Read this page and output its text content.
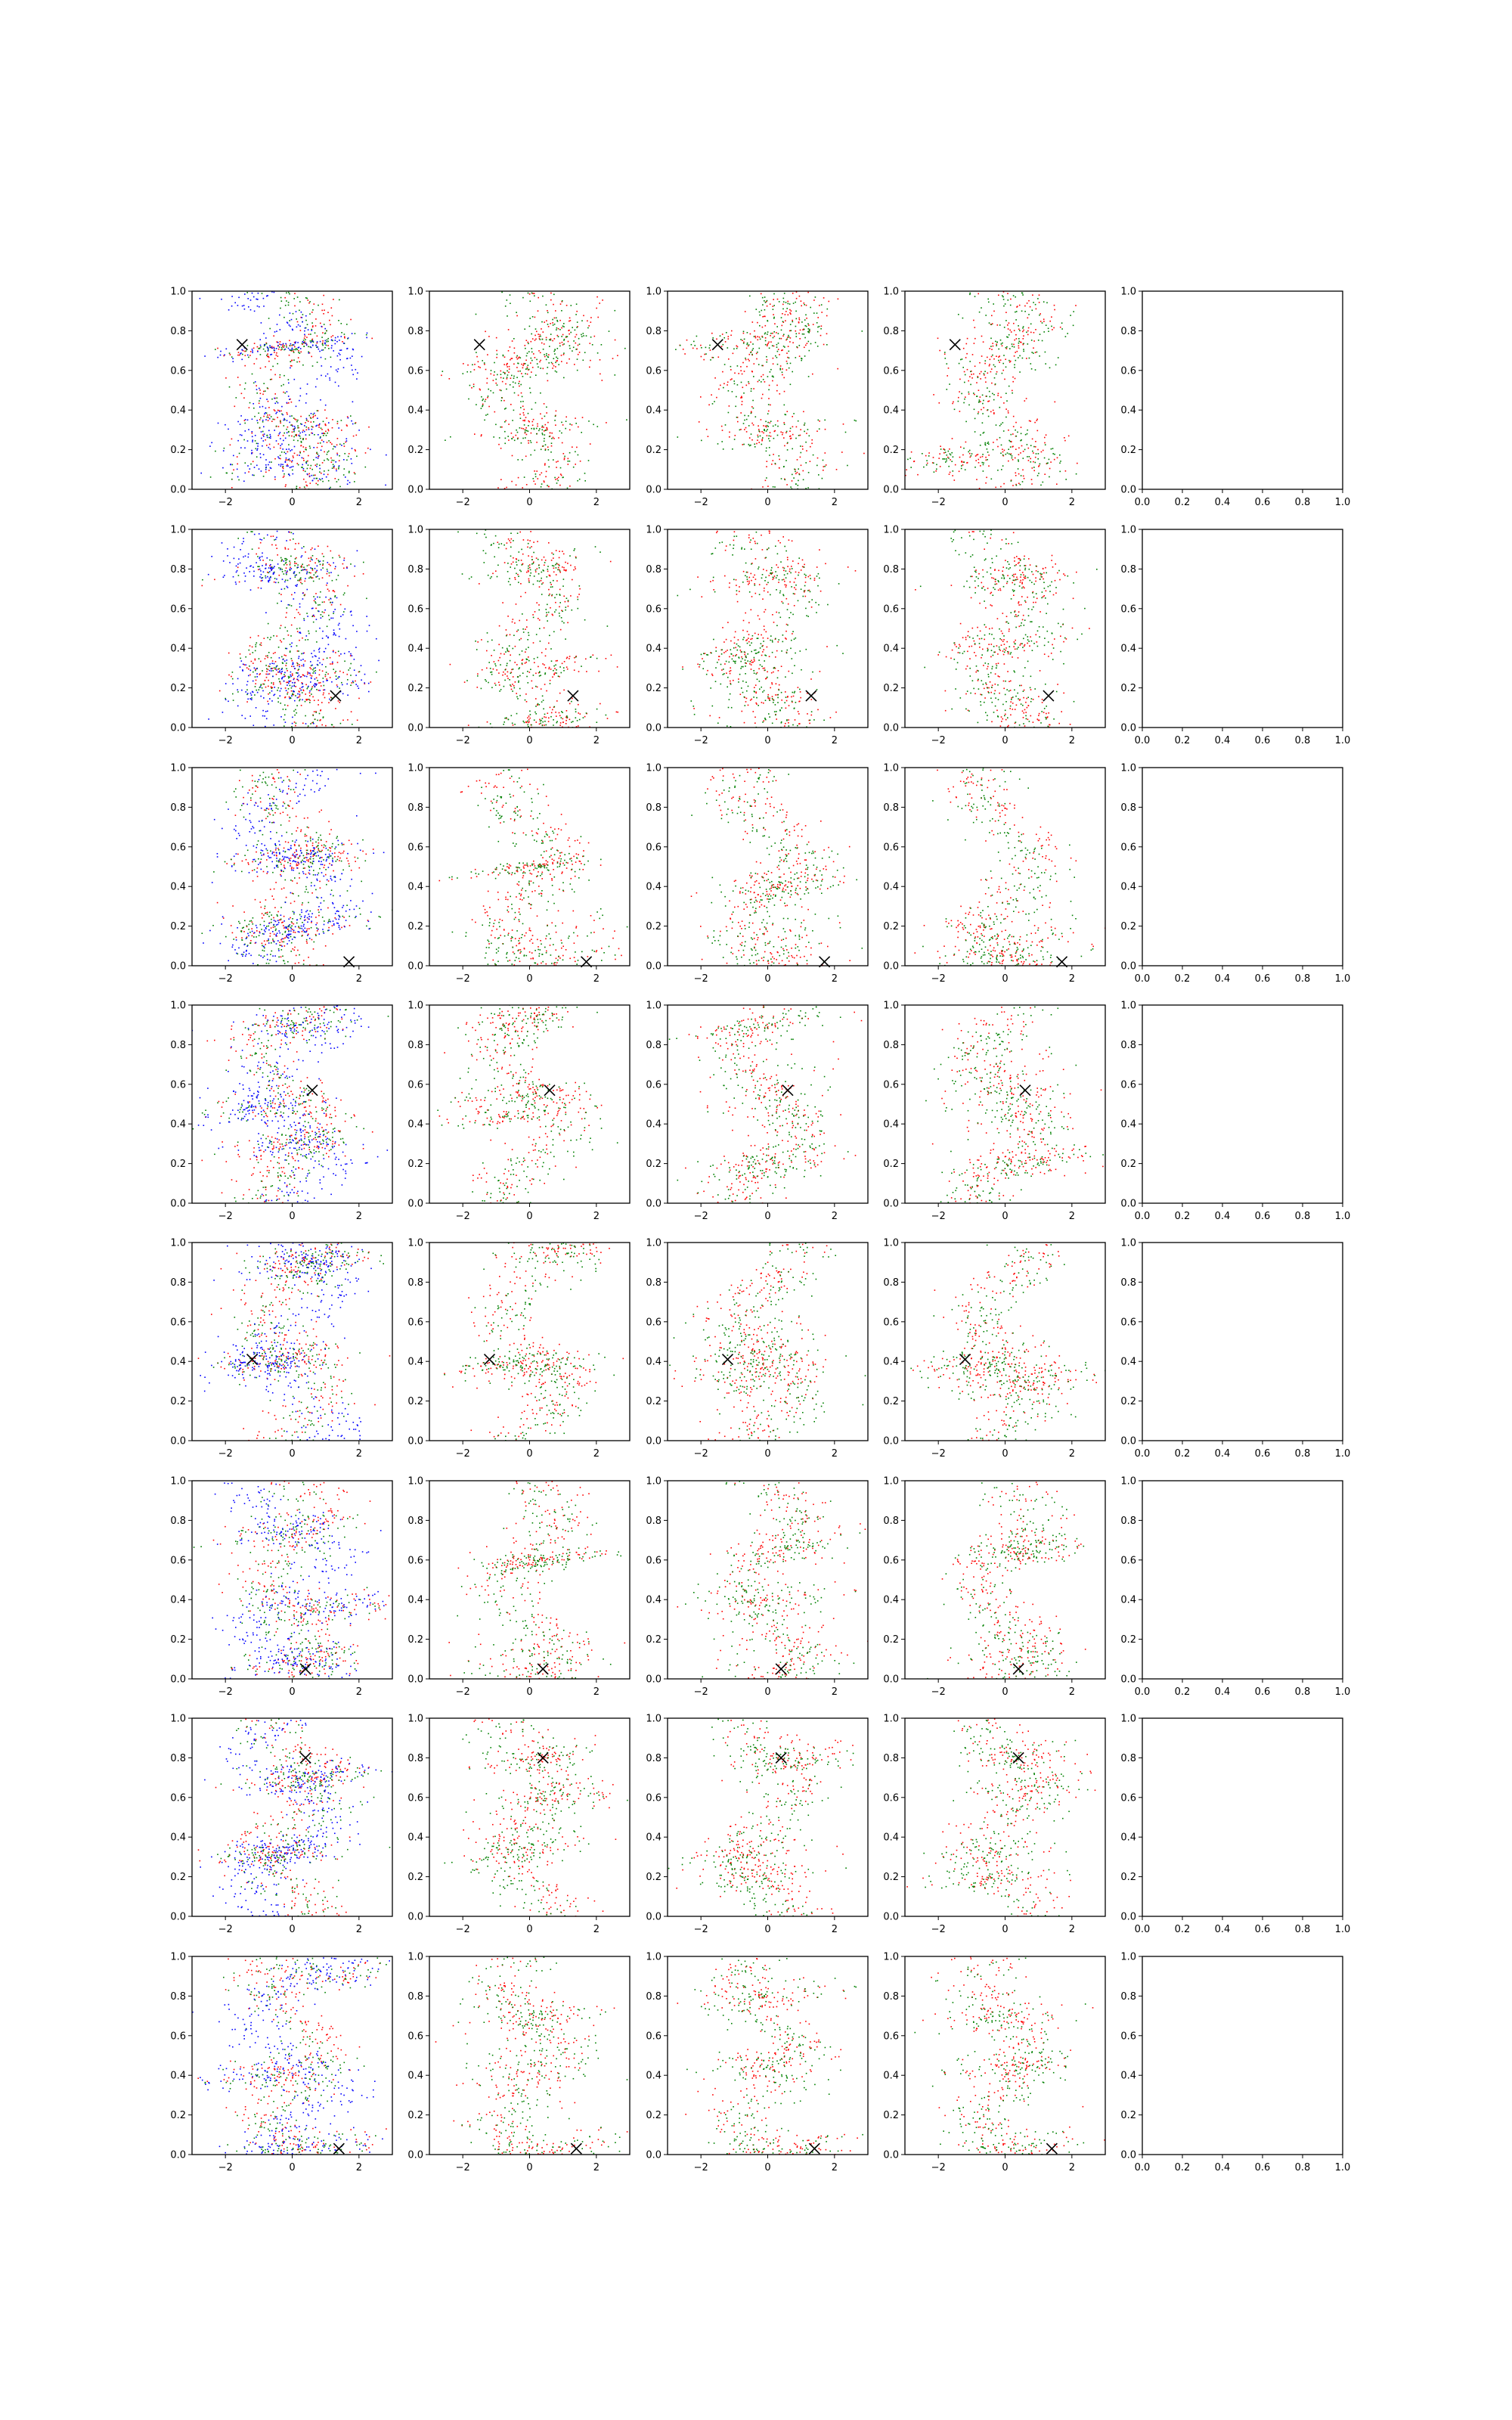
−2	0	2
0.0
0.2
0.4
0.6
0.8
1.0
−2	0	2
0.0
0.2
0.4
0.6
0.8
1.0
−2	0	2
0.0
0.2
0.4
0.6
0.8
1.0
−2	0	2
0.0
0.2
0.4
0.6
0.8
1.0
0.0
0.0
0.2
0.2
0.4
0.4
0.6
0.6
0.8
0.8
1.0
1.0
−2	0	2
0.0
0.2
0.4
0.6
0.8
1.0
−2	0	2
0.0
0.2
0.4
0.6
0.8
1.0
−2	0	2
0.0
0.2
0.4
0.6
0.8
1.0
−2	0	2
0.0
0.2
0.4
0.6
0.8
1.0
0.0
0.0
0.2
0.2
0.4
0.4
0.6
0.6
0.8
0.8
1.0
1.0
−2	0	2
0.0
0.2
0.4
0.6
0.8
1.0
−2	0	2
0.0
0.2
0.4
0.6
0.8
1.0
−2	0	2
0.0
0.2
0.4
0.6
0.8
1.0
−2	0	2
0.0
0.2
0.4
0.6
0.8
1.0
0.0
0.0
0.2
0.2
0.4
0.4
0.6
0.6
0.8
0.8
1.0
1.0
−2	0	2
0.0
0.2
0.4
0.6
0.8
1.0
−2	0	2
0.0
0.2
0.4
0.6
0.8
1.0
−2	0	2
0.0
0.2
0.4
0.6
0.8
1.0
−2	0	2
0.0
0.2
0.4
0.6
0.8
1.0
0.0
0.0
0.2
0.2
0.4
0.4
0.6
0.6
0.8
0.8
1.0
1.0
−2	0	2
0.0
0.2
0.4
0.6
0.8
1.0
−2	0	2
0.0
0.2
0.4
0.6
0.8
1.0
−2	0	2
0.0
0.2
0.4
0.6
0.8
1.0
−2	0	2
0.0
0.2
0.4
0.6
0.8
1.0
0.0
0.0
0.2
0.2
0.4
0.4
0.6
0.6
0.8
0.8
1.0
1.0
−2	0	2
0.0
0.2
0.4
0.6
0.8
1.0
−2	0	2
0.0
0.2
0.4
0.6
0.8
1.0
−2	0	2
0.0
0.2
0.4
0.6
0.8
1.0
−2	0	2
0.0
0.2
0.4
0.6
0.8
1.0
0.0
0.0
0.2
0.2
0.4
0.4
0.6
0.6
0.8
0.8
1.0
1.0
−2	0	2
0.0
0.2
0.4
0.6
0.8
1.0
−2	0	2
0.0
0.2
0.4
0.6
0.8
1.0
−2	0	2
0.0
0.2
0.4
0.6
0.8
1.0
−2	0	2
0.0
0.2
0.4
0.6
0.8
1.0
0.0
0.0
0.2
0.2
0.4
0.4
0.6
0.6
0.8
0.8
1.0
1.0
−2	0	2
0.0
0.2
0.4
0.6
0.8
1.0
−2	0	2
0.0
0.2
0.4
0.6
0.8
1.0
−2	0	2
0.0
0.2
0.4
0.6
0.8
1.0
−2	0	2
0.0
0.2
0.4
0.6
0.8
1.0
0.0
0.0
0.2
0.2
0.4
0.4
0.6
0.6
0.8
0.8
1.0
1.0
